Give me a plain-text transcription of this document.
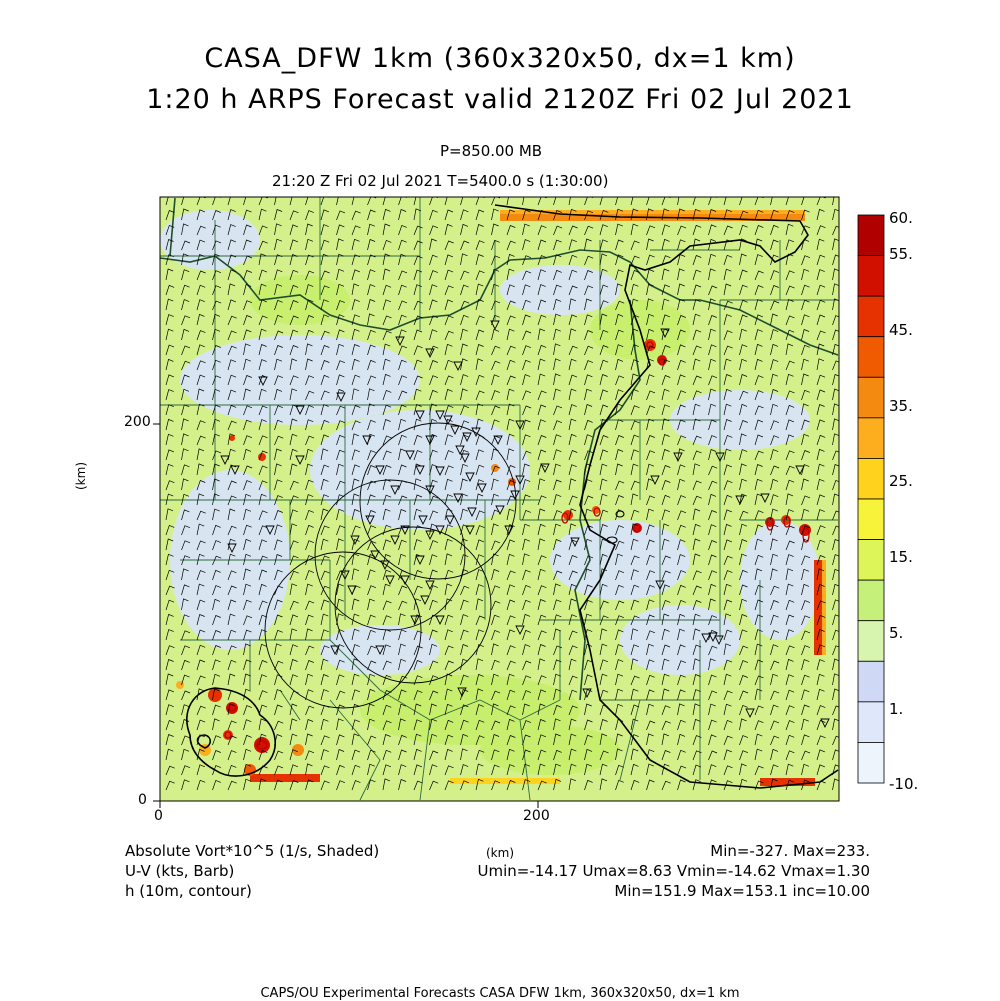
CASA_DFW 1km (360x320x50, dx=1 km)
1:20 h ARPS Forecast valid 2120Z Fri 02 Jul 2021
P=850.00 MB
21:20 Z Fri 02 Jul 2021 T=5400.0 s (1:30:00)
200
0
0	200
(km)
(km)
60.
55.
45.
35.
25.
15.
5.
1.
-10.
Absolute Vort*10^5 (1/s, Shaded)
U-V (kts, Barb)
h (10m, contour)
Min=-327. Max=233.
Umin=-14.17 Umax=8.63 Vmin=-14.62 Vmax=1.30
Min=151.9 Max=153.1 inc=10.00
CAPS/OU Experimental Forecasts CASA DFW 1km, 360x320x50, dx=1 km
